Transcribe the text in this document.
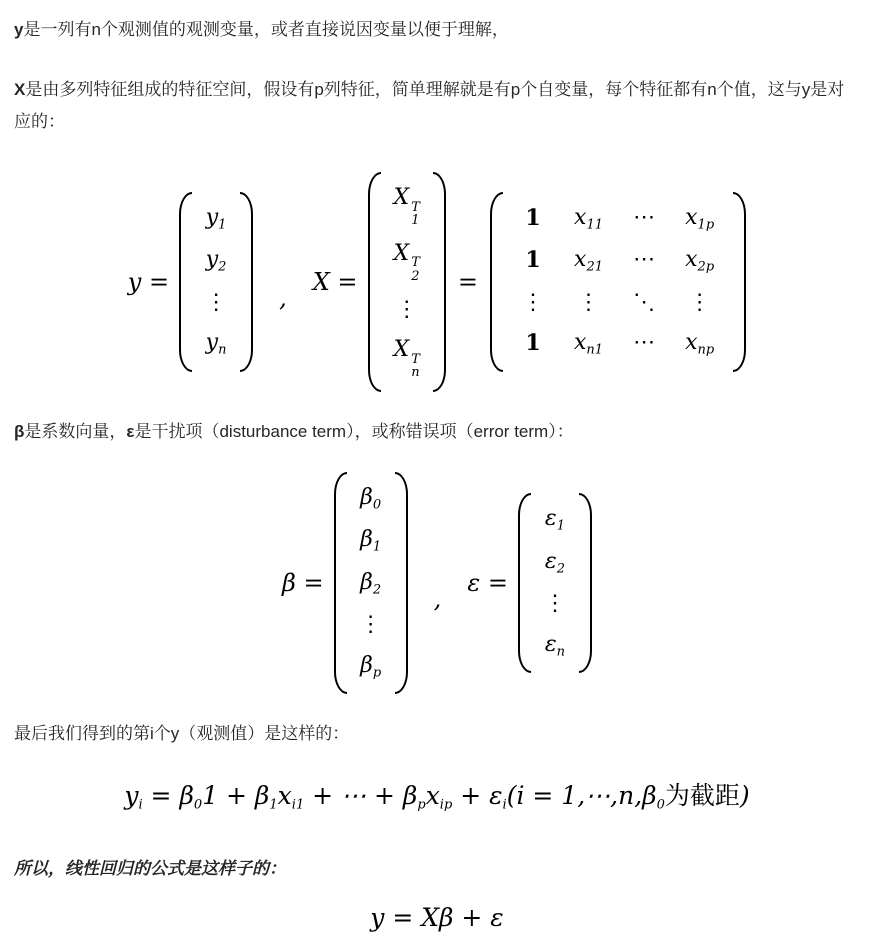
y是一列有n个观测值的观测变量，或者直接说因变量以便于理解，

X是由多列特征组成的特征空间，假设有p列特征，简单理解就是有p个自变量，每个特征都有n个值，这与y是对应的：

y =
$y_1$
$y_2$
⋮
$y_n$
,
X =
X T
1
X T
2
⋮
X T
n
=
1 $x_{11}$ ⋯ $x_{1p}$
1 $x_{21}$ ⋯ $x_{2p}$
⋮ ⋮ ⋱ ⋮
1 $x_{n1}$ ⋯ $x_{np}$

β是系数向量，ε是干扰项（disturbance term），或称错误项（error term）：

β =
$\beta_0$
$\beta_1$
$\beta_2$
⋮
$\beta_p$
,
ε =
$\varepsilon_1$
$\varepsilon_2$
⋮
$\varepsilon_n$

最后我们得到的第i个y（观测值）是这样的：

$y_i = \beta_01 + \beta_1x_{i1}$ + ⋯ + $\beta_px_{ip} + \varepsilon_i(i$ = $1,\cdots,n,\beta_0$为截距)

所以，线性回归的公式是这样子的：

y = Xβ + ε
